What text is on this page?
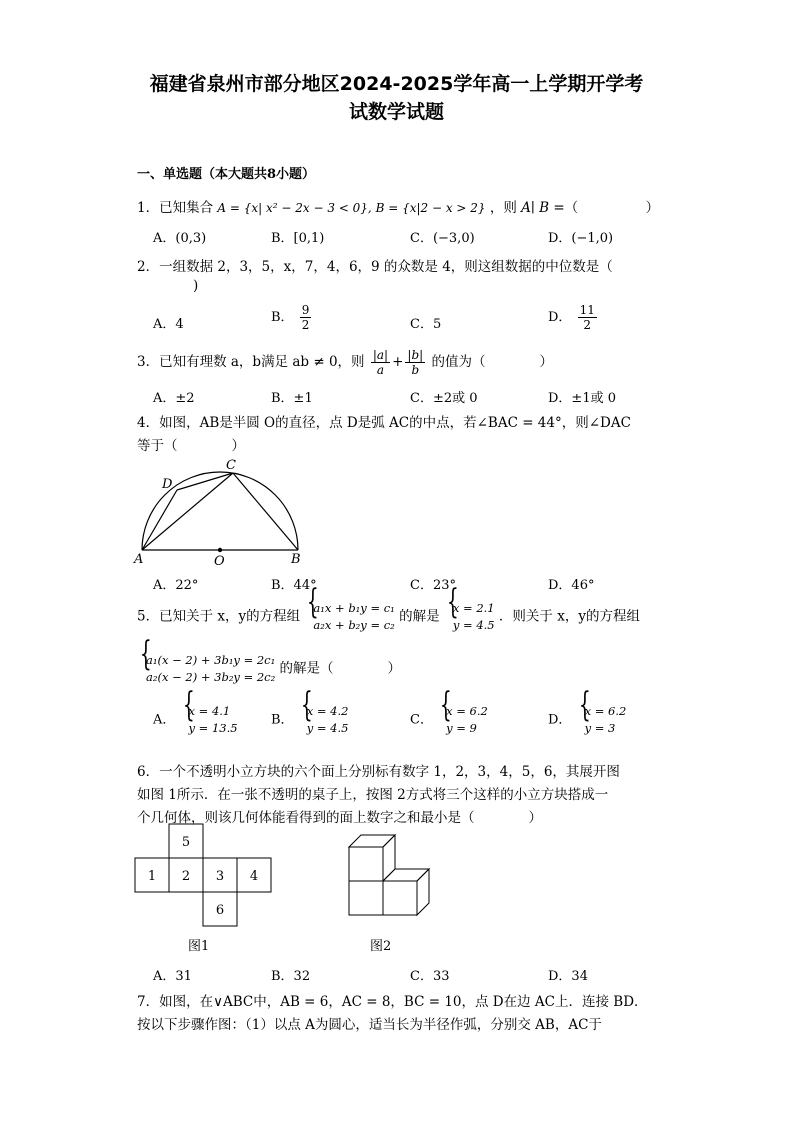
福建省泉州市部分地区2024-2025学年高一上学期开学考
试数学试题
一、单选题（本大题共8小题）
1．已知集合 A = {x| x² − 2x − 3 < 0}, B = {x|2 − x > 2} ，则 A∣ B =（　　　　　）
A．(0,3)	B．[0,1)	C．(−3,0)	D．(−1,0)
2．一组数据 2，3，5，x，7，4，6，9 的众数是 4，则这组数据的中位数是（
)
A．4	B． $\frac{9}{2}$	C．5	D． $\frac{11}{2}$
3．已知有理数 a，b满足 ab ≠ 0，则 $\frac{|a|}{a} + \frac{|b|}{b}$ 的值为（　　　　）
A．±2	B．±1	C．±2或 0	D．±1或 0
4．如图，AB是半圆 O的直径，点 D是弧 AC的中点，若∠BAC = 44°，则∠DAC
等于（　　　　）
A	B
C
D
O
A．22°	B．44°	C．23°	D．46°
5．已知关于 x，y的方程组
{ a₁x + b₁y = c₁
a₂x + b₂y = c₂
的解是
{ x = 2.1
y = 4.5
．则关于 x，y的方程组
{ a₁(x − 2) + 3b₁y = 2c₁
a₂(x − 2) + 3b₂y = 2c₂
的解是（　　　　）
A．
{ x = 4.1
y = 13.5
B．
{ x = 4.2
y = 4.5
C．
{ x = 6.2
y = 9
D．
{ x = 6.2
y = 3
6．一个不透明小立方块的六个面上分别标有数字 1，2，3，4，5，6，其展开图
如图 1所示．在一张不透明的桌子上，按图 2方式将三个这样的小立方块搭成一
个几何体，则该几何体能看得到的面上数字之和最小是（　　　　）
5
1 2 3 4
6
图1	图2
A．31	B．32	C．33	D．34
7．如图，在∨ABC中，AB = 6，AC = 8，BC = 10，点 D在边 AC上．连接 BD．
按以下步骤作图：（1）以点 A为圆心，适当长为半径作弧，分别交 AB，AC于
